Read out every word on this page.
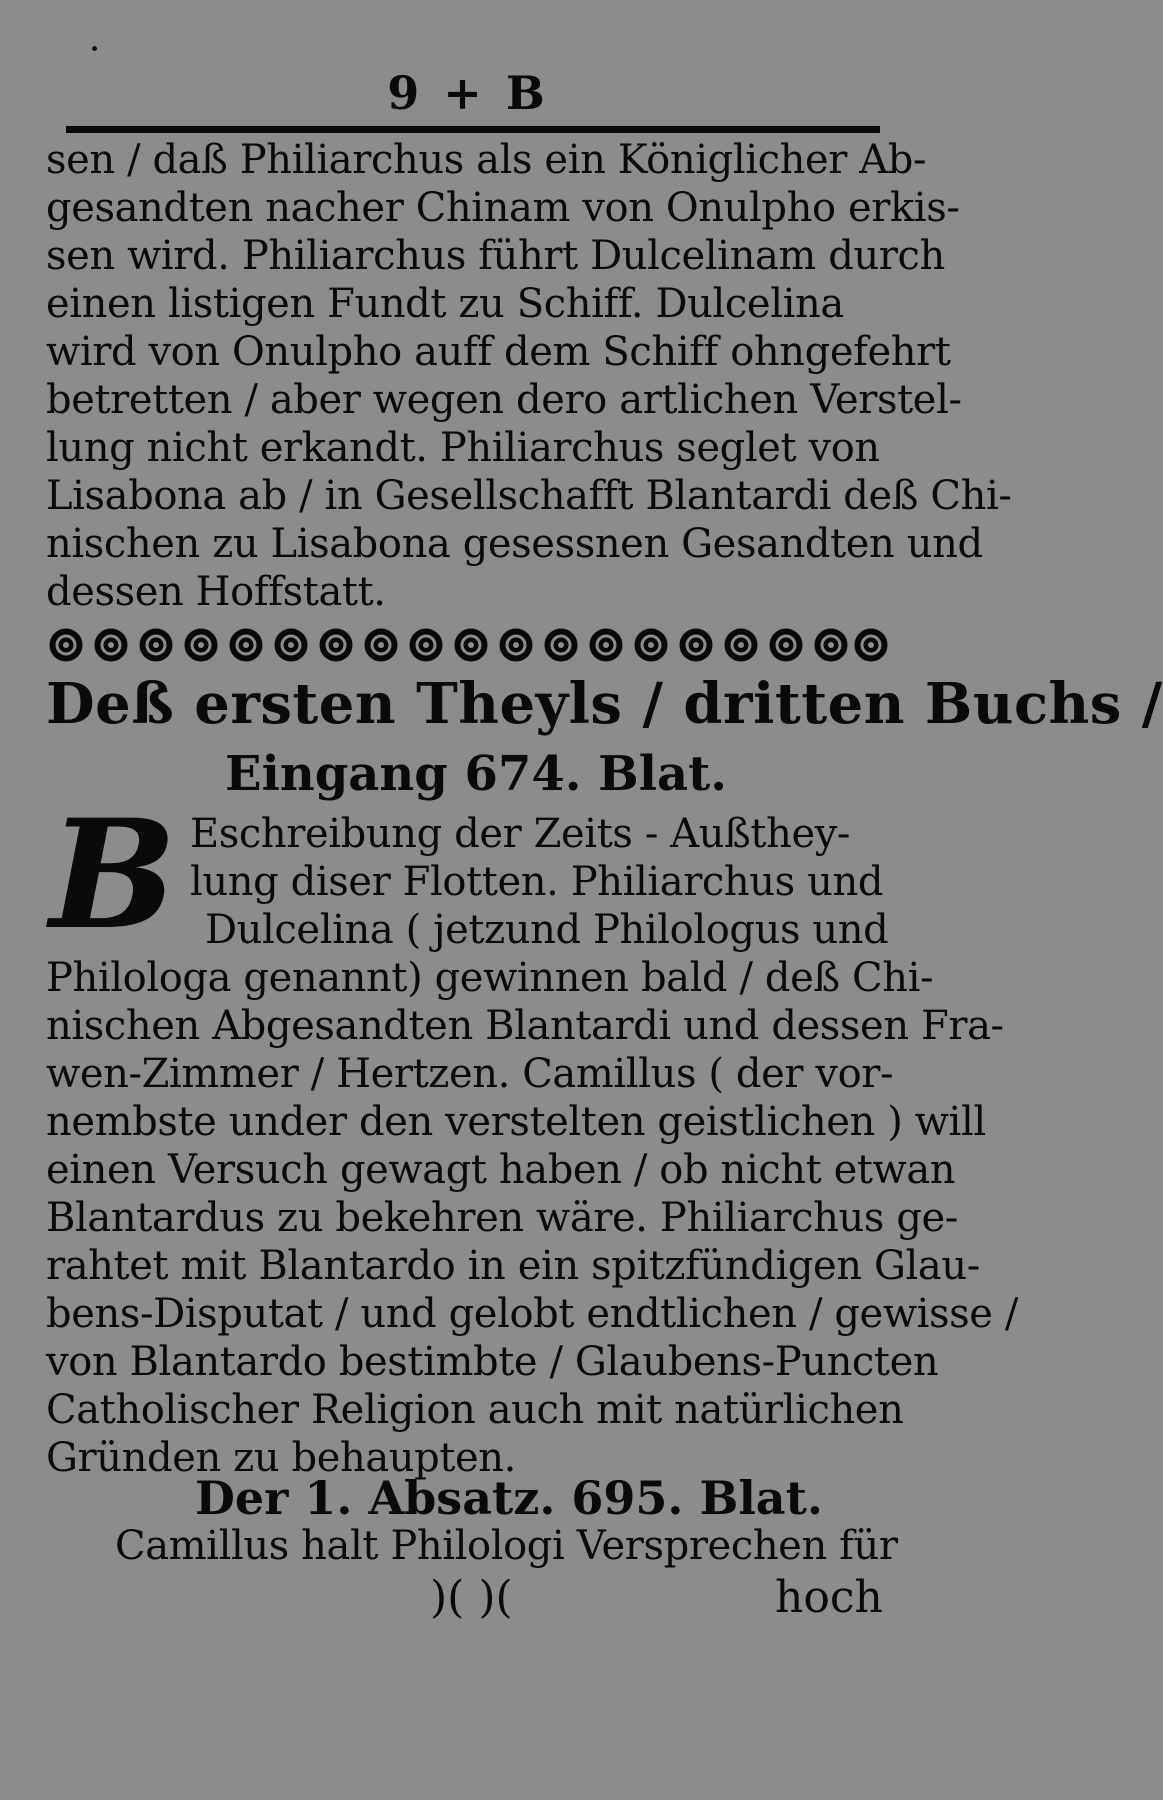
9 + B
sen / daß Philiarchus als ein Königlicher Ab-
gesandten nacher Chinam von Onulpho erkis-
sen wird. Philiarchus führt Dulcelinam durch
einen listigen Fundt zu Schiff. Dulcelina
wird von Onulpho auff dem Schiff ohngefehrt
betretten / aber wegen dero artlichen Verstel-
lung nicht erkandt. Philiarchus seglet von
Lisabona ab / in Gesellschafft Blantardi deß Chi-
nischen zu Lisabona gesessnen Gesandten und
dessen Hoffstatt.
Deß ersten Theyls / dritten Buchs /
Eingang 674. Blat.
B Eschreibung der Zeits - Außthey-
lung diser Flotten. Philiarchus und
Dulcelina ( jetzund Philologus und
Philologa genannt) gewinnen bald / deß Chi-
nischen Abgesandten Blantardi und dessen Fra-
wen-Zimmer / Hertzen. Camillus ( der vor-
nembste under den verstelten geistlichen ) will
einen Versuch gewagt haben / ob nicht etwan
Blantardus zu bekehren wäre. Philiarchus ge-
rahtet mit Blantardo in ein spitzfündigen Glau-
bens-Disputat / und gelobt endtlichen / gewisse /
von Blantardo bestimbte / Glaubens-Puncten
Catholischer Religion auch mit natürlichen
Gründen zu behaupten.
Der 1. Absatz. 695. Blat.
Camillus halt Philologi Versprechen für
)( )(	hoch
